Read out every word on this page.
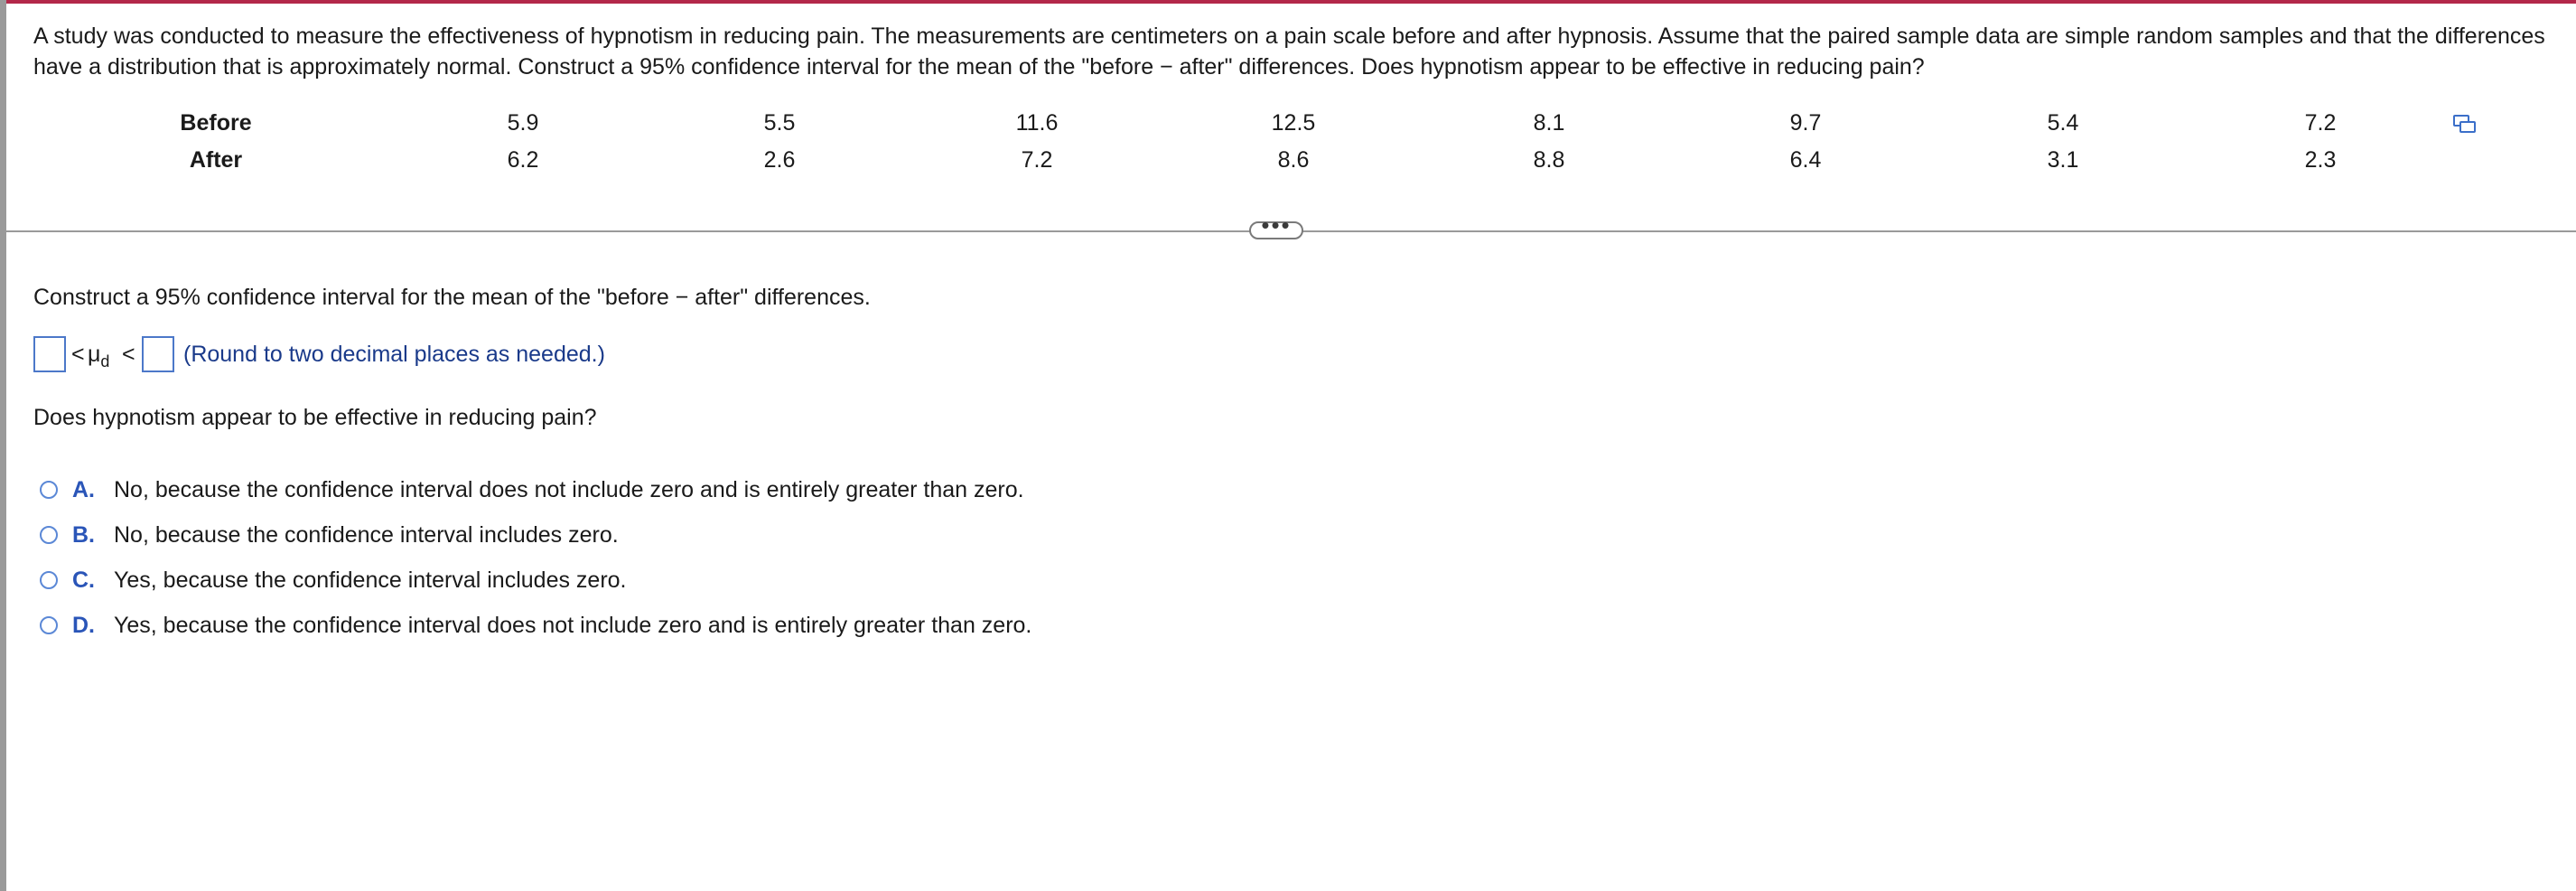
A study was conducted to measure the effectiveness of hypnotism in reducing pain. The measurements are centimeters on a pain scale before and after hypnosis. Assume that the paired sample data are simple random samples and that the differences have a distribution that is approximately normal. Construct a 95% confidence interval for the mean of the "before − after" differences. Does hypnotism appear to be effective in reducing pain?

Before	5.9	5.5	11.6	12.5	8.1	9.7	5.4	7.2
After	6.2	2.6	7.2	8.6	8.8	6.4	3.1	2.3
•••

Construct a 95% confidence interval for the mean of the "before − after" differences.

< $\mu_d$ < (Round to two decimal places as needed.)

Does hypnotism appear to be effective in reducing pain?

A. No, because the confidence interval does not include zero and is entirely greater than zero.
B. No, because the confidence interval includes zero.
C. Yes, because the confidence interval includes zero.
D. Yes, because the confidence interval does not include zero and is entirely greater than zero.
